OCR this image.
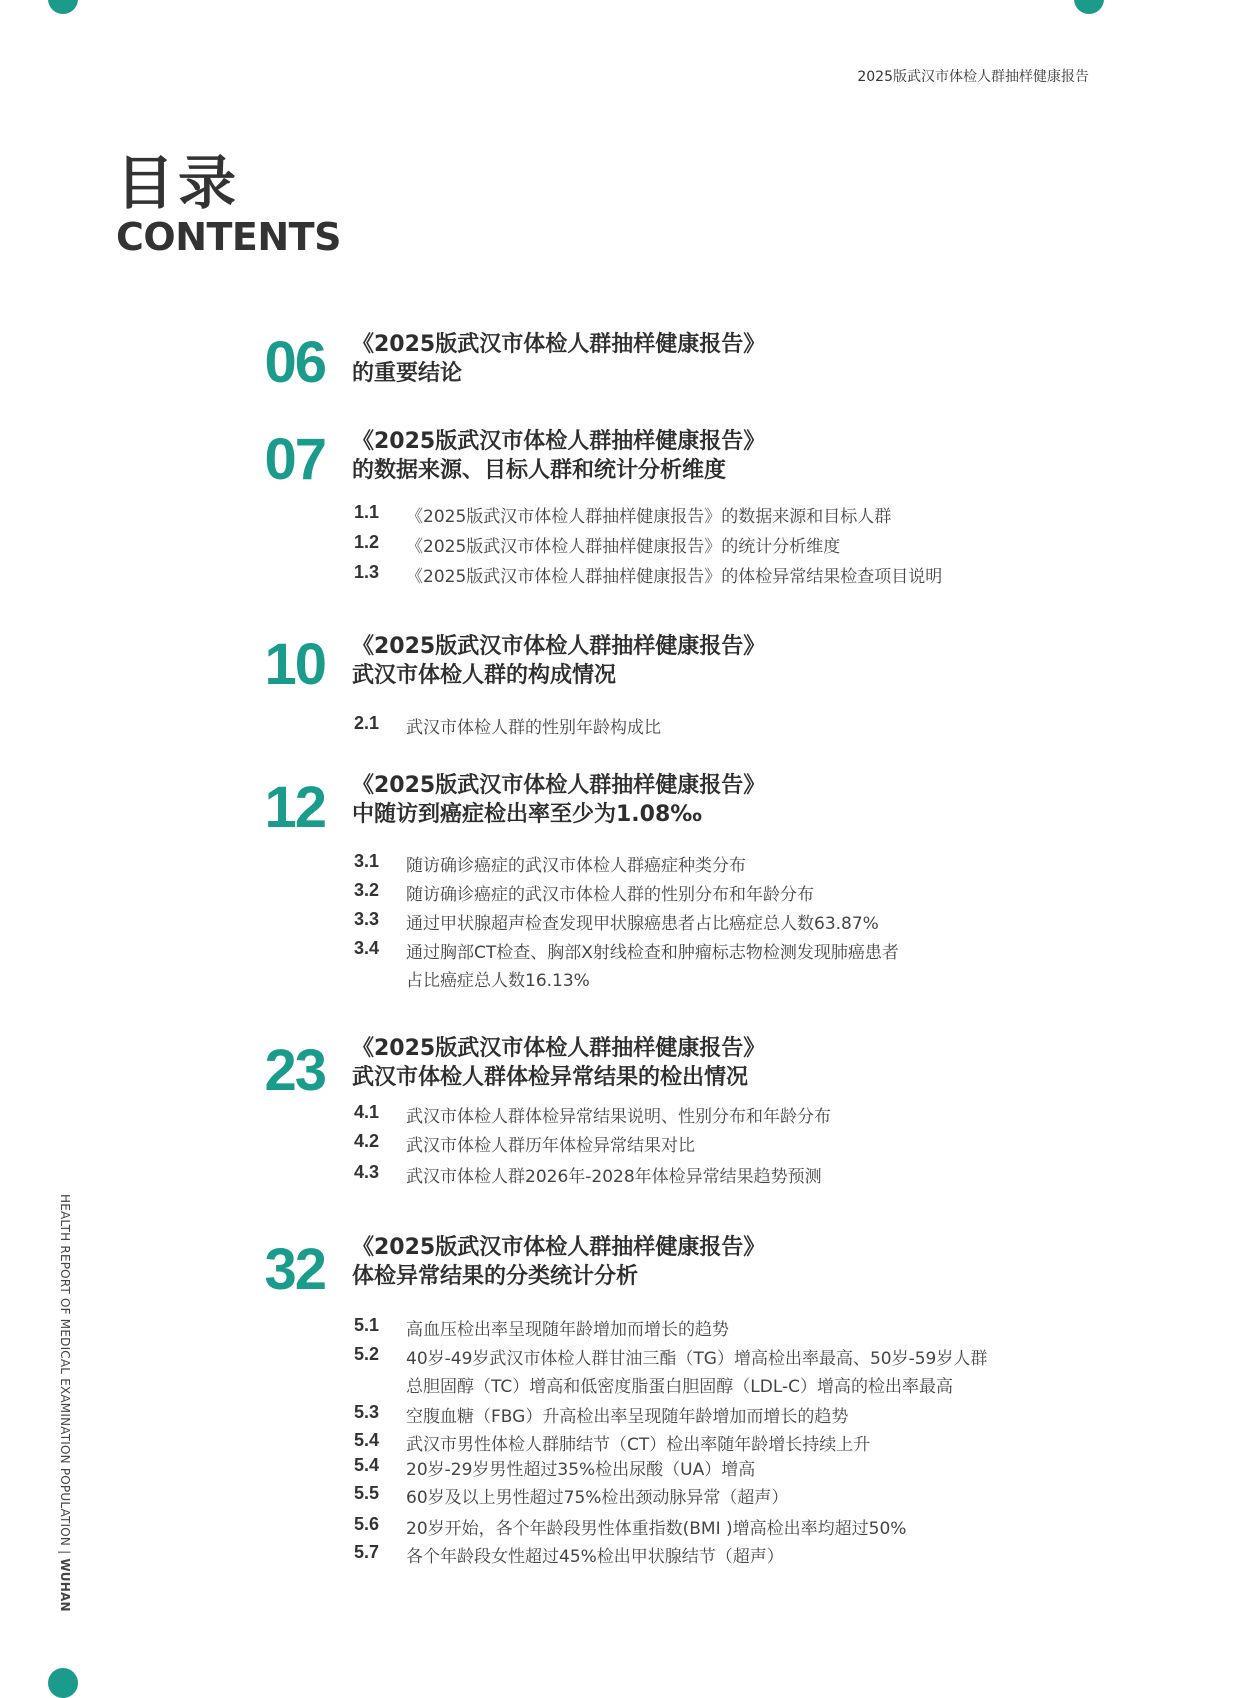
2025版武汉市体检人群抽样健康报告
目录
CONTENTS
HEALTH REPORT OF MEDICAL EXAMINATION POPULATION | WUHAN
06 《2025版武汉市体检人群抽样健康报告》
的重要结论
07 《2025版武汉市体检人群抽样健康报告》
的数据来源、目标人群和统计分析维度
1.1 《2025版武汉市体检人群抽样健康报告》的数据来源和目标人群
1.2 《2025版武汉市体检人群抽样健康报告》的统计分析维度
1.3 《2025版武汉市体检人群抽样健康报告》的体检异常结果检查项目说明
10 《2025版武汉市体检人群抽样健康报告》
武汉市体检人群的构成情况
2.1 武汉市体检人群的性别年龄构成比
12 《2025版武汉市体检人群抽样健康报告》
中随访到癌症检出率至少为1.08‰
3.1 随访确诊癌症的武汉市体检人群癌症种类分布
3.2 随访确诊癌症的武汉市体检人群的性别分布和年龄分布
3.3 通过甲状腺超声检查发现甲状腺癌患者占比癌症总人数63.87%
3.4 通过胸部CT检查、胸部X射线检查和肿瘤标志物检测发现肺癌患者
占比癌症总人数16.13%
23 《2025版武汉市体检人群抽样健康报告》
武汉市体检人群体检异常结果的检出情况
4.1 武汉市体检人群体检异常结果说明、性别分布和年龄分布
4.2 武汉市体检人群历年体检异常结果对比
4.3 武汉市体检人群2026年-2028年体检异常结果趋势预测
32 《2025版武汉市体检人群抽样健康报告》
体检异常结果的分类统计分析
5.1 高血压检出率呈现随年龄增加而增长的趋势
5.2 40岁-49岁武汉市体检人群甘油三酯（TG）增高检出率最高、50岁-59岁人群
总胆固醇（TC）增高和低密度脂蛋白胆固醇（LDL-C）增高的检出率最高
5.3 空腹血糖（FBG）升高检出率呈现随年龄增加而增长的趋势
5.4 武汉市男性体检人群肺结节（CT）检出率随年龄增长持续上升
5.4 20岁-29岁男性超过35%检出尿酸（UA）增高
5.5 60岁及以上男性超过75%检出颈动脉异常（超声）
5.6 20岁开始，各个年龄段男性体重指数(BMI )增高检出率均超过50%
5.7 各个年龄段女性超过45%检出甲状腺结节（超声）
